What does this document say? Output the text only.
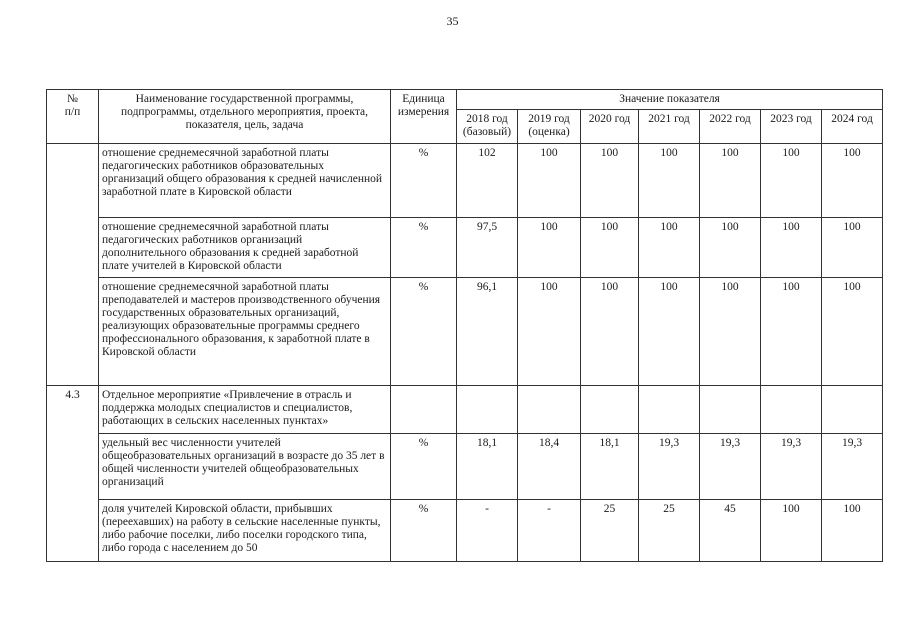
35
№
п/п	Наименование государственной программы, подпрограммы, отдельного мероприятия, проекта, показателя, цель, задача	Единица измерения	Значение показателя						
			2018 год (базовый)	2019 год (оценка)	2020 год	2021 год	2022 год	2023 год	2024 год
	отношение среднемесячной заработной платы педагогических работников образовательных организаций общего образования к средней начисленной заработной плате в Кировской области	%	102	100	100	100	100	100	100
	отношение среднемесячной заработной платы педагогических работников организаций дополнительного образования к средней заработной плате учителей в Кировской области	%	97,5	100	100	100	100	100	100
	отношение среднемесячной заработной платы преподавателей и мастеров производственного обучения государственных образовательных организаций, реализующих образовательные программы среднего профессионального образования, к заработной плате в Кировской области	%	96,1	100	100	100	100	100	100
4.3	Отдельное мероприятие «Привлечение в отрасль и поддержка молодых специалистов и специалистов, работающих в сельских населенных пунктах»								
	удельный вес численности учителей общеобразовательных организаций в возрасте до 35 лет в общей численности учителей общеобразовательных организаций	%	18,1	18,4	18,1	19,3	19,3	19,3	19,3
	доля учителей Кировской области, прибывших (переехавших) на работу в сельские населенные пункты, либо рабочие поселки, либо поселки городского типа, либо города с населением до 50	%	-	-	25	25	45	100	100
